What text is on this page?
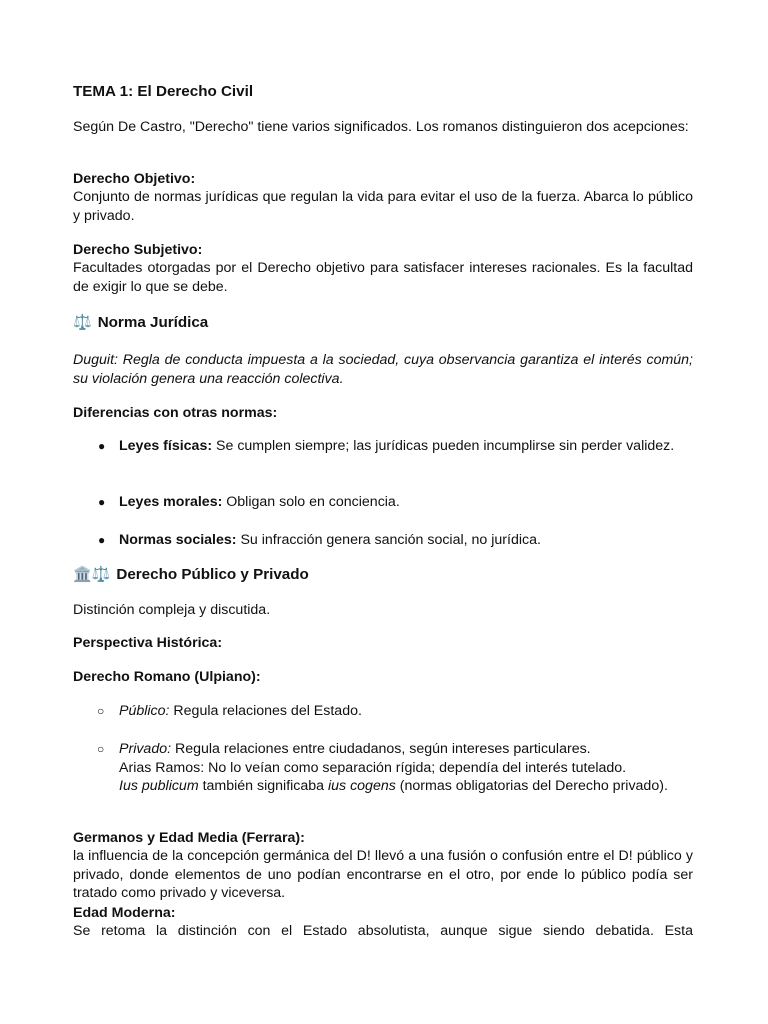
TEMA 1: El Derecho Civil

Según De Castro, "Derecho" tiene varios significados. Los romanos distinguieron dos acepciones:

Derecho Objetivo:

Conjunto de normas jurídicas que regulan la vida para evitar el uso de la fuerza. Abarca lo público y privado.

Derecho Subjetivo:

Facultades otorgadas por el Derecho objetivo para satisfacer intereses racionales. Es la facultad de exigir lo que se debe.

⚖️ Norma Jurídica

Duguit: Regla de conducta impuesta a la sociedad, cuya observancia garantiza el interés común; su violación genera una reacción colectiva.

Diferencias con otras normas:

● Leyes físicas: Se cumplen siempre; las jurídicas pueden incumplirse sin perder validez.
● Leyes morales: Obligan solo en conciencia.
● Normas sociales: Su infracción genera sanción social, no jurídica.
🏛️⚖️ Derecho Público y Privado

Distinción compleja y discutida.

Perspectiva Histórica:

Derecho Romano (Ulpiano):

○ Público: Regula relaciones del Estado.
○ Privado: Regula relaciones entre ciudadanos, según intereses particulares.
Arias Ramos: No lo veían como separación rígida; dependía del interés tutelado.
Ius publicum también significaba ius cogens (normas obligatorias del Derecho privado).

Germanos y Edad Media (Ferrara):

la influencia de la concepción germánica del D! llevó a una fusión o confusión entre el D! público y privado, donde elementos de uno podían encontrarse en el otro, por ende lo público podía ser tratado como privado y viceversa.

Edad Moderna:

Se retoma la distinción con el Estado absolutista, aunque sigue siendo debatida. Esta
